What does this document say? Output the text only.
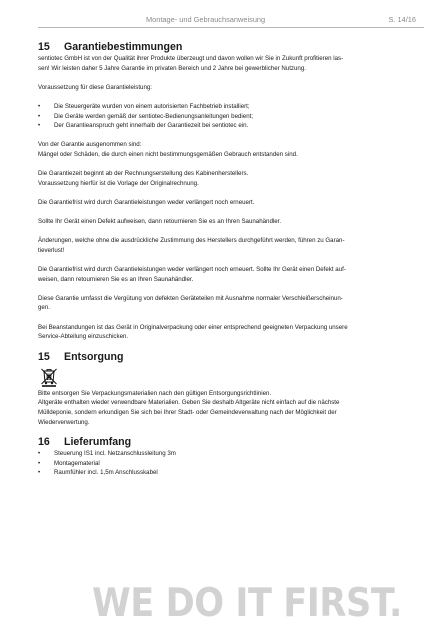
Montage- und Gebrauchsanweisung	S. 14/16
15	Garantiebestimmungen

sentiotec GmbH ist von der Qualität ihrer Produkte überzeugt und davon wollen wir Sie in Zukunft profitieren las-

sen! Wir leisten daher 5 Jahre Garantie im privaten Bereich und 2 Jahre bei gewerblicher Nutzung.

Voraussetzung für diese Garantieleistung:

•	Die Steuergeräte wurden von einem autorisierten Fachbetrieb installiert;
•	Die Geräte werden gemäß der sentiotec-Bedienungsanleitungen bedient;
•	Der Garantieanspruch geht innerhalb der Garantiezeit bei sentiotec ein.

Von der Garantie ausgenommen sind:

Mängel oder Schäden, die durch einen nicht bestimmungsgemäßen Gebrauch entstanden sind.

Die Garantiezeit beginnt ab der Rechnungserstellung des Kabinenherstellers.

Voraussetzung hierfür ist die Vorlage der Originalrechnung.

Die Garantiefrist wird durch Garantieleistungen weder verlängert noch erneuert.

Sollte Ihr Gerät einen Defekt aufweisen, dann retournieren Sie es an Ihren Saunahändler.

Änderungen, welche ohne die ausdrückliche Zustimmung des Herstellers durchgeführt werden, führen zu Garan-

tieverlust!

Die Garantiefrist wird durch Garantieleistungen weder verlängert noch erneuert. Sollte Ihr Gerät einen Defekt auf-

weisen, dann retournieren Sie es an Ihren Saunahändler.

Diese Garantie umfasst die Vergütung von defekten Geräteteilen mit Ausnahme normaler Verschleißerscheinun-

gen.

Bei Beanstandungen ist das Gerät in Originalverpackung oder einer entsprechend geeigneten Verpackung unsere

Service-Abteilung einzuschicken.

15	Entsorgung

Bitte entsorgen Sie Verpackungsmaterialien nach den gültigen Entsorgungsrichtlinien.

Altgeräte enthalten wieder verwendbare Materialien. Geben Sie deshalb Altgeräte nicht einfach auf die nächste

Mülldeponie, sondern erkundigen Sie sich bei Ihrer Stadt- oder Gemeindeverwaltung nach der Möglichkeit der

Wiederverwertung.

16	Lieferumfang
•	Steuerung IS1 incl. Netzanschlussleitung 3m
•	Montagematerial
•	Raumfühler incl. 1,5m Anschlusskabel
WE DO IT FIRST.
